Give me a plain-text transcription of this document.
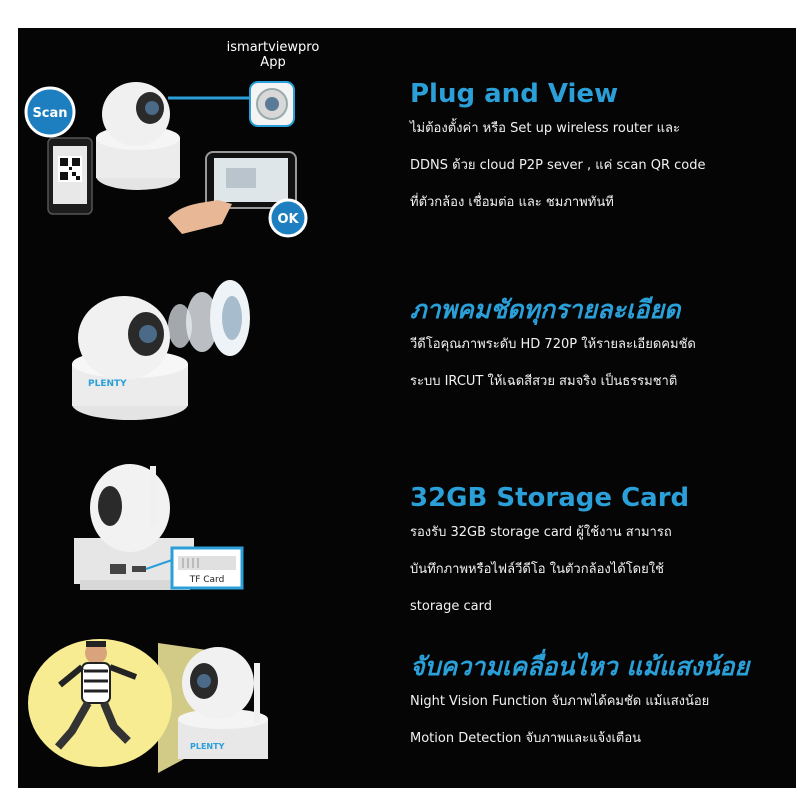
Scan
OK
ismartviewpro
App
Plug and View
ไม่ต้องตั้งค่า หรือ Set up wireless router และ
DDNS ด้วย cloud P2P sever , แค่ scan QR code
ที่ตัวกล้อง เชื่อมต่อ และ ชมภาพทันที
PLENTY
ภาพคมชัดทุกรายละเอียด
วีดีโอคุณภาพระดับ HD 720P ให้รายละเอียดคมชัด
ระบบ IRCUT ให้เฉดสีสวย สมจริง เป็นธรรมชาติ
TF Card
32GB Storage Card
รองรับ 32GB storage card ผู้ใช้งาน สามารถ
บันทึกภาพหรือไฟล์วีดีโอ ในตัวกล้องได้โดยใช้
storage card
PLENTY
จับความเคลื่อนไหว แม้แสงน้อย
Night Vision Function จับภาพได้คมชัด แม้แสงน้อย
Motion Detection จับภาพและแจ้งเตือน
